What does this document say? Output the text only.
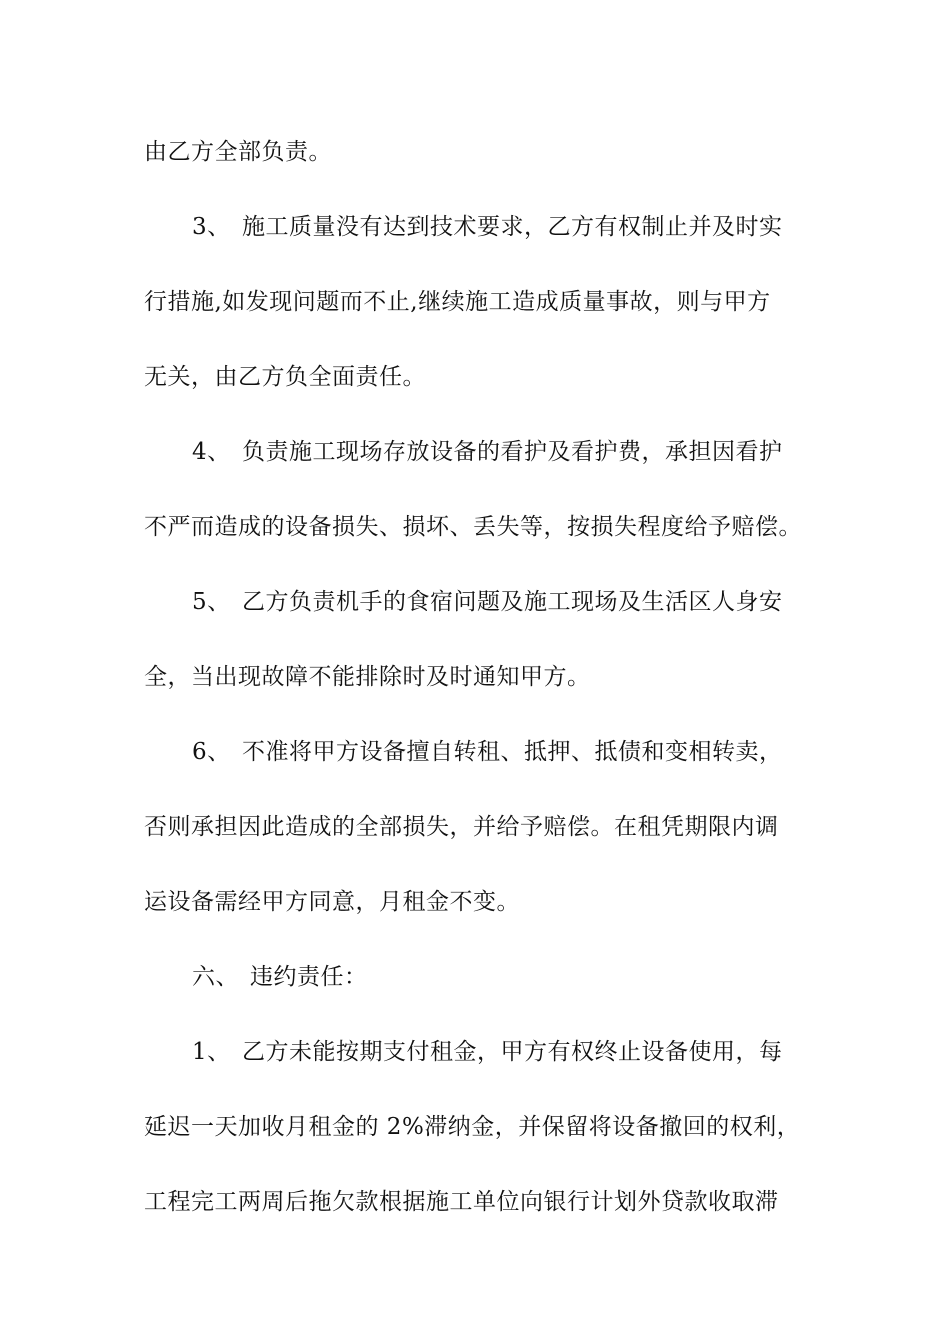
由乙方全部负责。
3、 施工质量没有达到技术要求，乙方有权制止并及时实
行措施,如发现问题而不止,继续施工造成质量事故，则与甲方
无关，由乙方负全面责任。
4、 负责施工现场存放设备的看护及看护费，承担因看护
不严而造成的设备损失、损坏、丢失等，按损失程度给予赔偿。
5、 乙方负责机手的食宿问题及施工现场及生活区人身安
全，当出现故障不能排除时及时通知甲方。
6、 不准将甲方设备擅自转租、抵押、抵债和变相转卖，
否则承担因此造成的全部损失，并给予赔偿。在租凭期限内调
运设备需经甲方同意，月租金不变。
六、 违约责任：
1、 乙方未能按期支付租金，甲方有权终止设备使用，每
延迟一天加收月租金的 2%滞纳金，并保留将设备撤回的权利，
工程完工两周后拖欠款根据施工单位向银行计划外贷款收取滞
